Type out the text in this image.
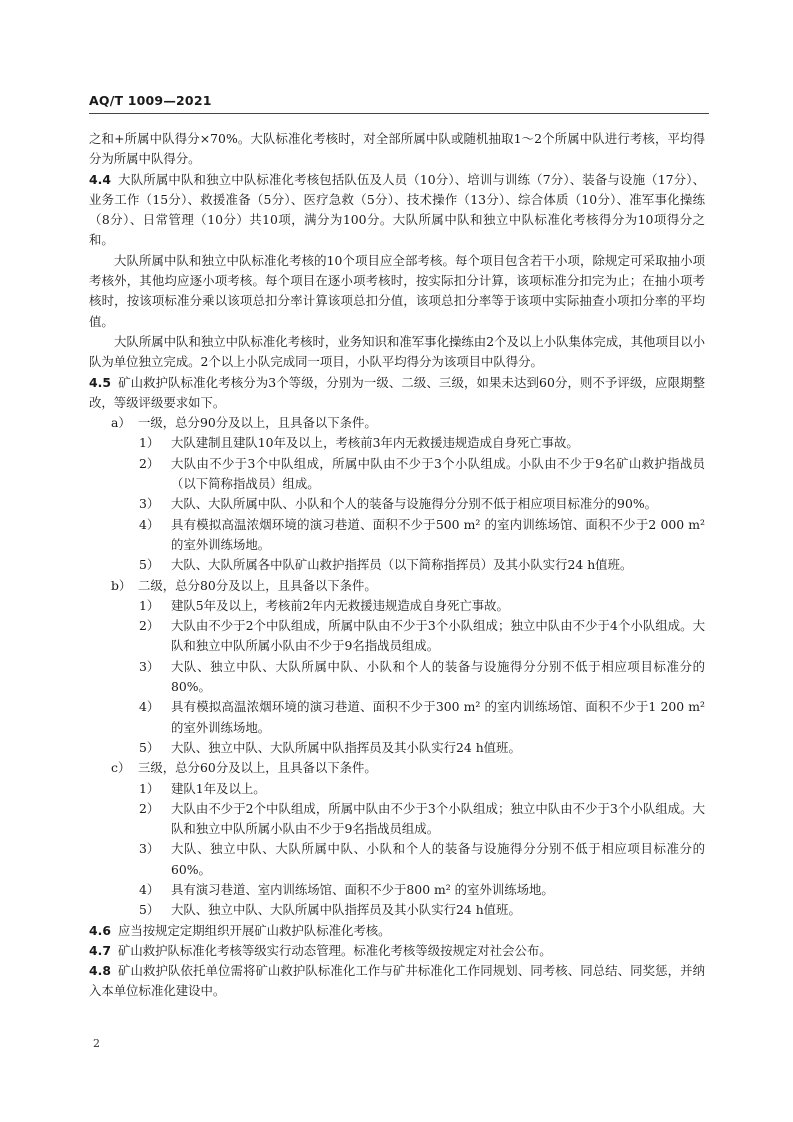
AQ/T 1009—2021

之和+所属中队得分×70%。大队标准化考核时，对全部所属中队或随机抽取1～2个所属中队进行考核，平均得分为所属中队得分。

4.4 大队所属中队和独立中队标准化考核包括队伍及人员（10分）、培训与训练（7分）、装备与设施（17分）、业务工作（15分）、救援准备（5分）、医疗急救（5分）、技术操作（13分）、综合体质（10分）、准军事化操练（8分）、日常管理（10分）共10项，满分为100分。大队所属中队和独立中队标准化考核得分为10项得分之和。

大队所属中队和独立中队标准化考核的10个项目应全部考核。每个项目包含若干小项，除规定可采取抽小项考核外，其他均应逐小项考核。每个项目在逐小项考核时，按实际扣分计算，该项标准分扣完为止；在抽小项考核时，按该项标准分乘以该项总扣分率计算该项总扣分值，该项总扣分率等于该项中实际抽查小项扣分率的平均值。

大队所属中队和独立中队标准化考核时，业务知识和准军事化操练由2个及以上小队集体完成，其他项目以小队为单位独立完成。2个以上小队完成同一项目，小队平均得分为该项目中队得分。

4.5 矿山救护队标准化考核分为3个等级，分别为一级、二级、三级，如果未达到60分，则不予评级，应限期整改，等级评级要求如下。

a） 一级，总分90分及以上，且具备以下条件。
1） 大队建制且建队10年及以上，考核前3年内无救援违规造成自身死亡事故。
2） 大队由不少于3个中队组成，所属中队由不少于3个小队组成。小队由不少于9名矿山救护指战员（以下简称指战员）组成。
3） 大队、大队所属中队、小队和个人的装备与设施得分分别不低于相应项目标准分的90%。
4） 具有模拟高温浓烟环境的演习巷道、面积不少于500 m² 的室内训练场馆、面积不少于2 000 m² 的室外训练场地。
5） 大队、大队所属各中队矿山救护指挥员（以下简称指挥员）及其小队实行24 h值班。
b） 二级，总分80分及以上，且具备以下条件。
1） 建队5年及以上，考核前2年内无救援违规造成自身死亡事故。
2） 大队由不少于2个中队组成，所属中队由不少于3个小队组成；独立中队由不少于4个小队组成。大队和独立中队所属小队由不少于9名指战员组成。
3） 大队、独立中队、大队所属中队、小队和个人的装备与设施得分分别不低于相应项目标准分的80%。
4） 具有模拟高温浓烟环境的演习巷道、面积不少于300 m² 的室内训练场馆、面积不少于1 200 m² 的室外训练场地。
5） 大队、独立中队、大队所属中队指挥员及其小队实行24 h值班。
c） 三级，总分60分及以上，且具备以下条件。
1） 建队1年及以上。
2） 大队由不少于2个中队组成，所属中队由不少于3个小队组成；独立中队由不少于3个小队组成。大队和独立中队所属小队由不少于9名指战员组成。
3） 大队、独立中队、大队所属中队、小队和个人的装备与设施得分分别不低于相应项目标准分的60%。
4） 具有演习巷道、室内训练场馆、面积不少于800 m² 的室外训练场地。
5） 大队、独立中队、大队所属中队指挥员及其小队实行24 h值班。

4.6 应当按规定定期组织开展矿山救护队标准化考核。

4.7 矿山救护队标准化考核等级实行动态管理。标准化考核等级按规定对社会公布。

4.8 矿山救护队依托单位需将矿山救护队标准化工作与矿井标准化工作同规划、同考核、同总结、同奖惩，并纳入本单位标准化建设中。

2
